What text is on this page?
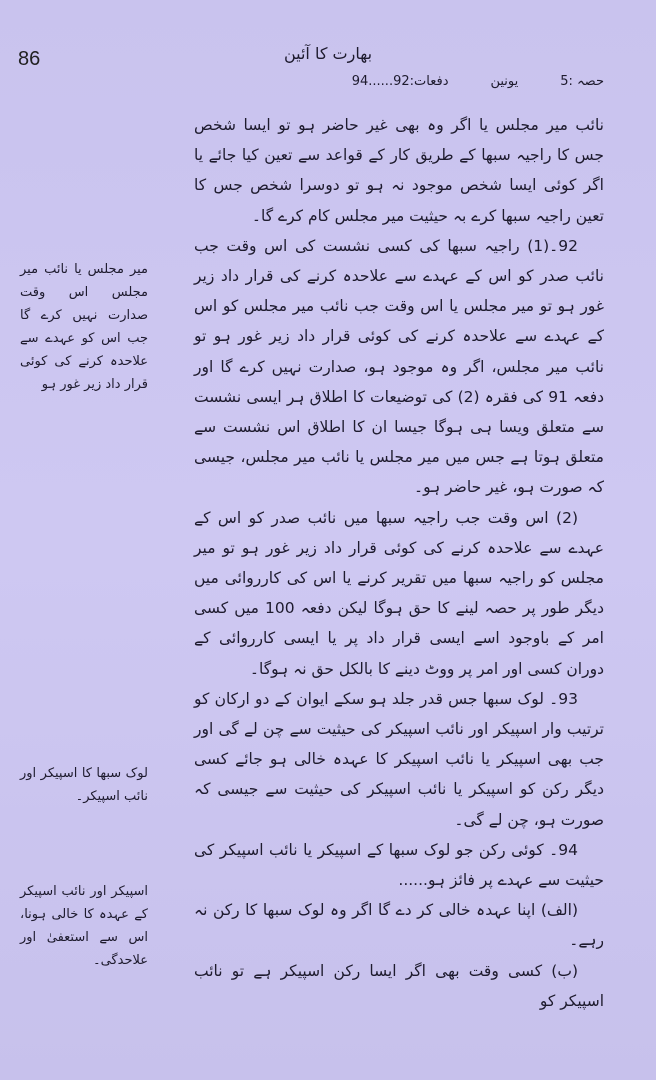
86	بھارت کا آئین
حصہ :5
یونین
دفعات:92......94

نائب میر مجلس یا اگر وہ بھی غیر حاضر ہو تو ایسا شخص جس کا راجیہ سبھا کے طریق کار کے قواعد سے تعین کیا جائے یا اگر کوئی ایسا شخص موجود نہ ہو تو دوسرا شخص جس کا تعین راجیہ سبھا کرے بہ حیثیت میر مجلس کام کرے گا۔

92۔(1) راجیہ سبھا کی کسی نشست کی اس وقت جب نائب صدر کو اس کے عہدے سے علاحدہ کرنے کی قرار داد زیر غور ہو تو میر مجلس یا اس وقت جب نائب میر مجلس کو اس کے عہدے سے علاحدہ کرنے کی کوئی قرار داد زیر غور ہو تو نائب میر مجلس، اگر وہ موجود ہو، صدارت نہیں کرے گا اور دفعہ 91 کی فقرہ (2) کی توضیعات کا اطلاق ہر ایسی نشست سے متعلق ویسا ہی ہوگا جیسا ان کا اطلاق اس نشست سے متعلق ہوتا ہے جس میں میر مجلس یا نائب میر مجلس، جیسی کہ صورت ہو، غیر حاضر ہو۔

(2) اس وقت جب راجیہ سبھا میں نائب صدر کو اس کے عہدے سے علاحدہ کرنے کی کوئی قرار داد زیر غور ہو تو میر مجلس کو راجیہ سبھا میں تقریر کرنے یا اس کی کارروائی میں دیگر طور پر حصہ لینے کا حق ہوگا لیکن دفعہ 100 میں کسی امر کے باوجود اسے ایسی قرار داد پر یا ایسی کارروائی کے دوران کسی اور امر پر ووٹ دینے کا بالکل حق نہ ہوگا۔

93۔ لوک سبھا جس قدر جلد ہو سکے ایوان کے دو ارکان کو ترتیب وار اسپیکر اور نائب اسپیکر کی حیثیت سے چن لے گی اور جب بھی اسپیکر یا نائب اسپیکر کا عہدہ خالی ہو جائے کسی دیگر رکن کو اسپیکر یا نائب اسپیکر کی حیثیت سے جیسی کہ صورت ہو، چن لے گی۔

94۔ کوئی رکن جو لوک سبھا کے اسپیکر یا نائب اسپیکر کی حیثیت سے عہدے پر فائز ہو......

(الف) اپنا عہدہ خالی کر دے گا اگر وہ لوک سبھا کا رکن نہ رہے۔

(ب) کسی وقت بھی اگر ایسا رکن اسپیکر ہے تو نائب اسپیکر کو

میر مجلس یا نائب میر مجلس اس وقت صدارت نہیں کرے گا جب اس کو عہدے سے علاحدہ کرنے کی کوئی قرار داد زیر غور ہو

لوک سبھا کا اسپیکر اور نائب اسپیکر۔

اسپیکر اور نائب اسپیکر کے عہدہ کا خالی ہونا، اس سے استعفیٰ اور علاحدگی۔
